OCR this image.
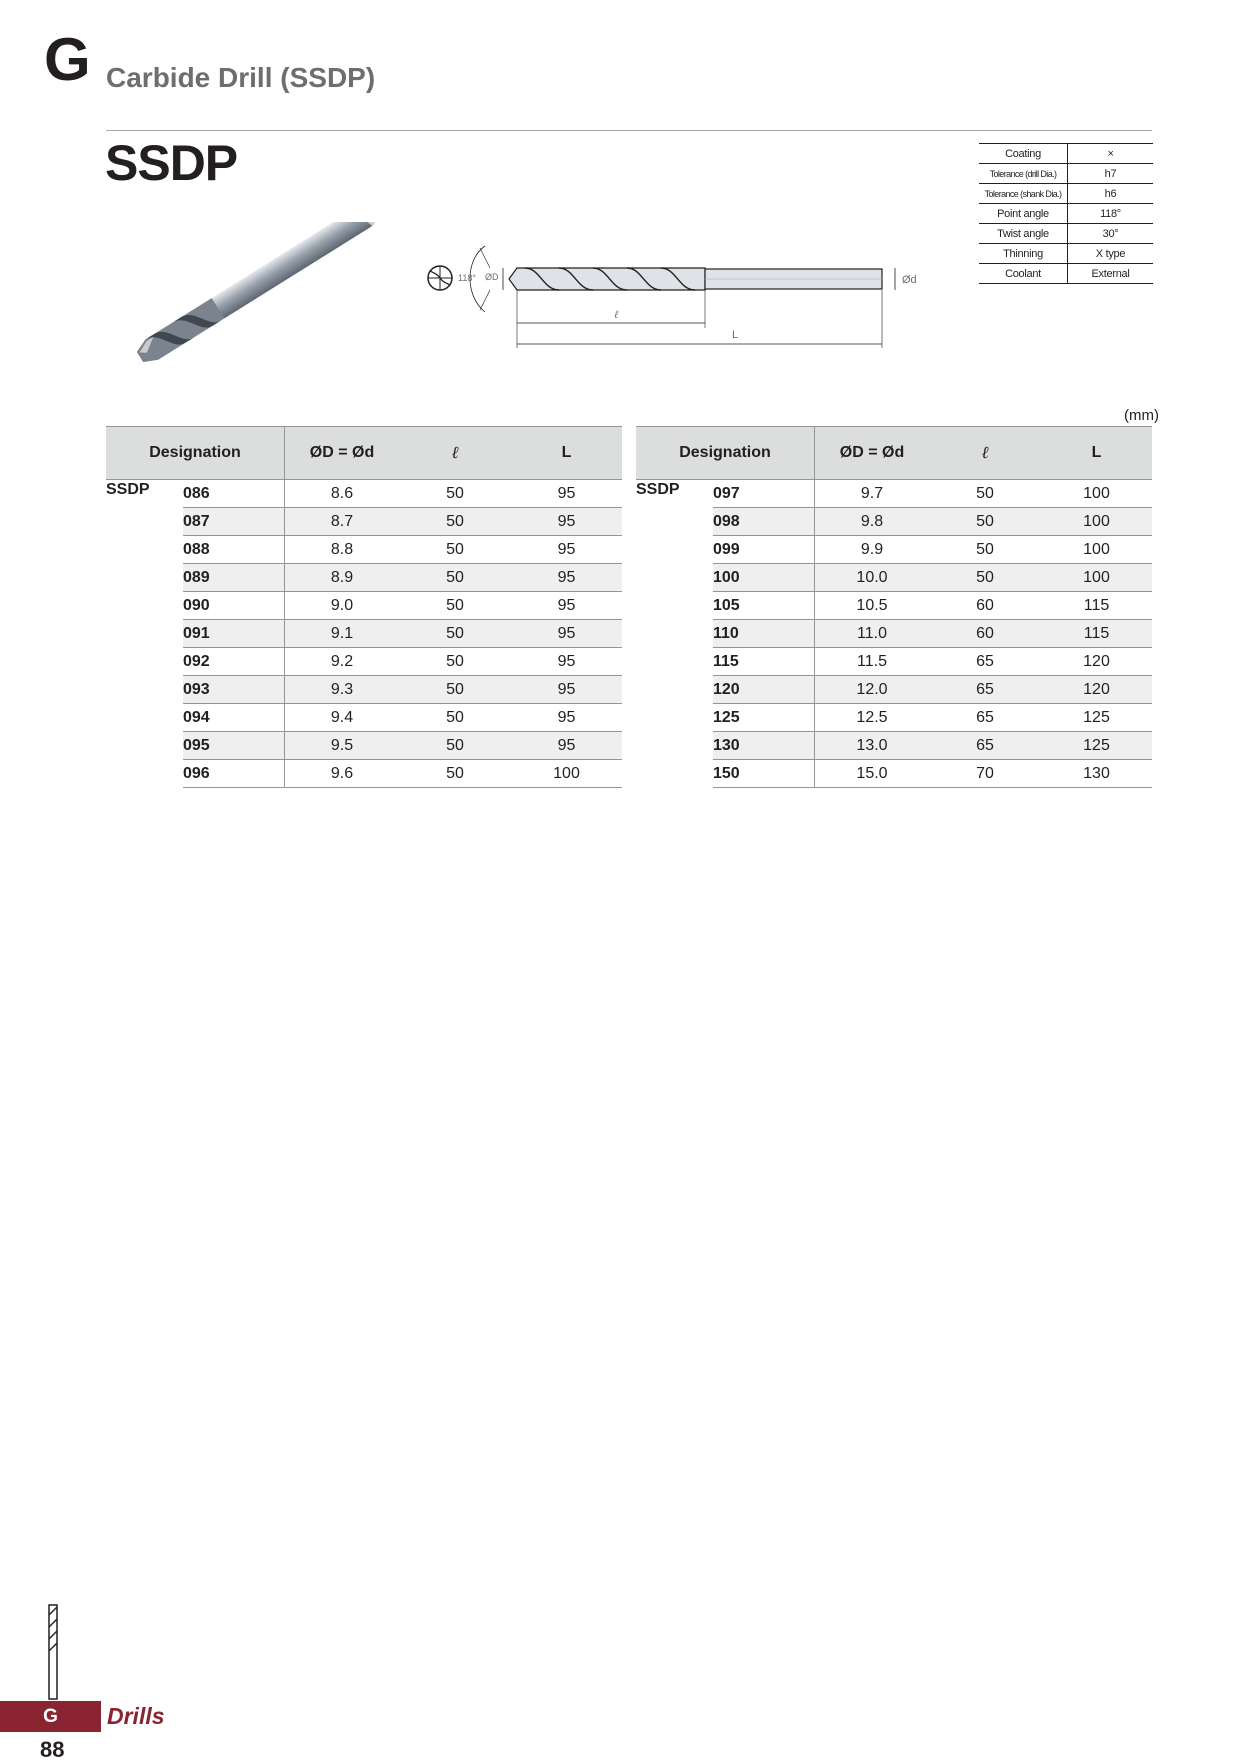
G Carbide Drill (SSDP)
SSDP
118° ØD	Ød
ℓ
L
Coating	×
Tolerance (drill Dia.)	h7
Tolerance (shank Dia.)	h6
Point angle	118°
Twist angle	30°
Thinning	X type
Coolant	External
(mm)
Designation		ØD = Ød	ℓ	L
SSDP	086	8.6	50	95
	087	8.7	50	95
	088	8.8	50	95
	089	8.9	50	95
	090	9.0	50	95
	091	9.1	50	95
	092	9.2	50	95
	093	9.3	50	95
	094	9.4	50	95
	095	9.5	50	95
	096	9.6	50	100
Designation		ØD = Ød	ℓ	L
SSDP	097	9.7	50	100
	098	9.8	50	100
	099	9.9	50	100
	100	10.0	50	100
	105	10.5	60	115
	110	11.0	60	115
	115	11.5	65	120
	120	12.0	65	120
	125	12.5	65	125
	130	13.0	65	125
	150	15.0	70	130
G	Drills
88
